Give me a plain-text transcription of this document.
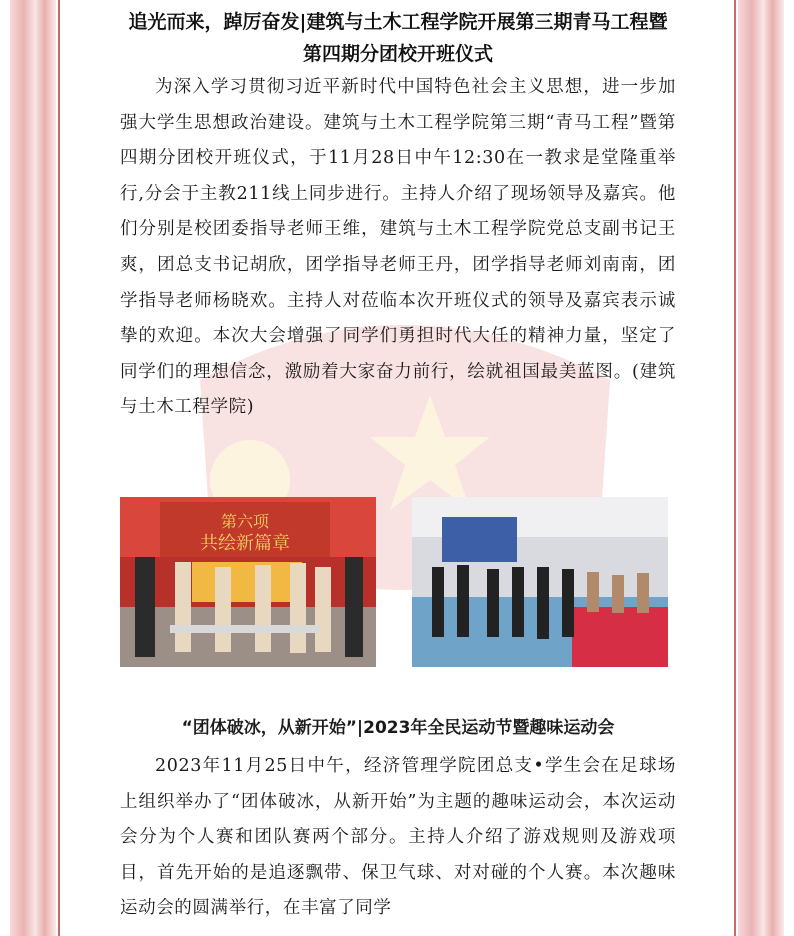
追光而来，踔厉奋发|建筑与土木工程学院开展第三期青马工程暨第四期分团校开班仪式
为深入学习贯彻习近平新时代中国特色社会主义思想，进一步加强大学生思想政治建设。建筑与土木工程学院第三期“青马工程”暨第四期分团校开班仪式，于11月28日中午12:30在一教求是堂隆重举行,分会于主教211线上同步进行。主持人介绍了现场领导及嘉宾。他们分别是校团委指导老师王维，建筑与土木工程学院党总支副书记王爽，团总支书记胡欣，团学指导老师王丹，团学指导老师刘南南，团学指导老师杨晓欢。主持人对莅临本次开班仪式的领导及嘉宾表示诚挚的欢迎。本次大会增强了同学们勇担时代大任的精神力量，坚定了同学们的理想信念，激励着大家奋力前行，绘就祖国最美蓝图。(建筑与土木工程学院)
第六项
共绘新篇章
“团体破冰，从新开始”|2023年全民运动节暨趣味运动会
2023年11月25日中午，经济管理学院团总支•学生会在足球场上组织举办了“团体破冰，从新开始”为主题的趣味运动会，本次运动会分为个人赛和团队赛两个部分。主持人介绍了游戏规则及游戏项目，首先开始的是追逐飘带、保卫气球、对对碰的个人赛。本次趣味运动会的圆满举行，在丰富了同学
